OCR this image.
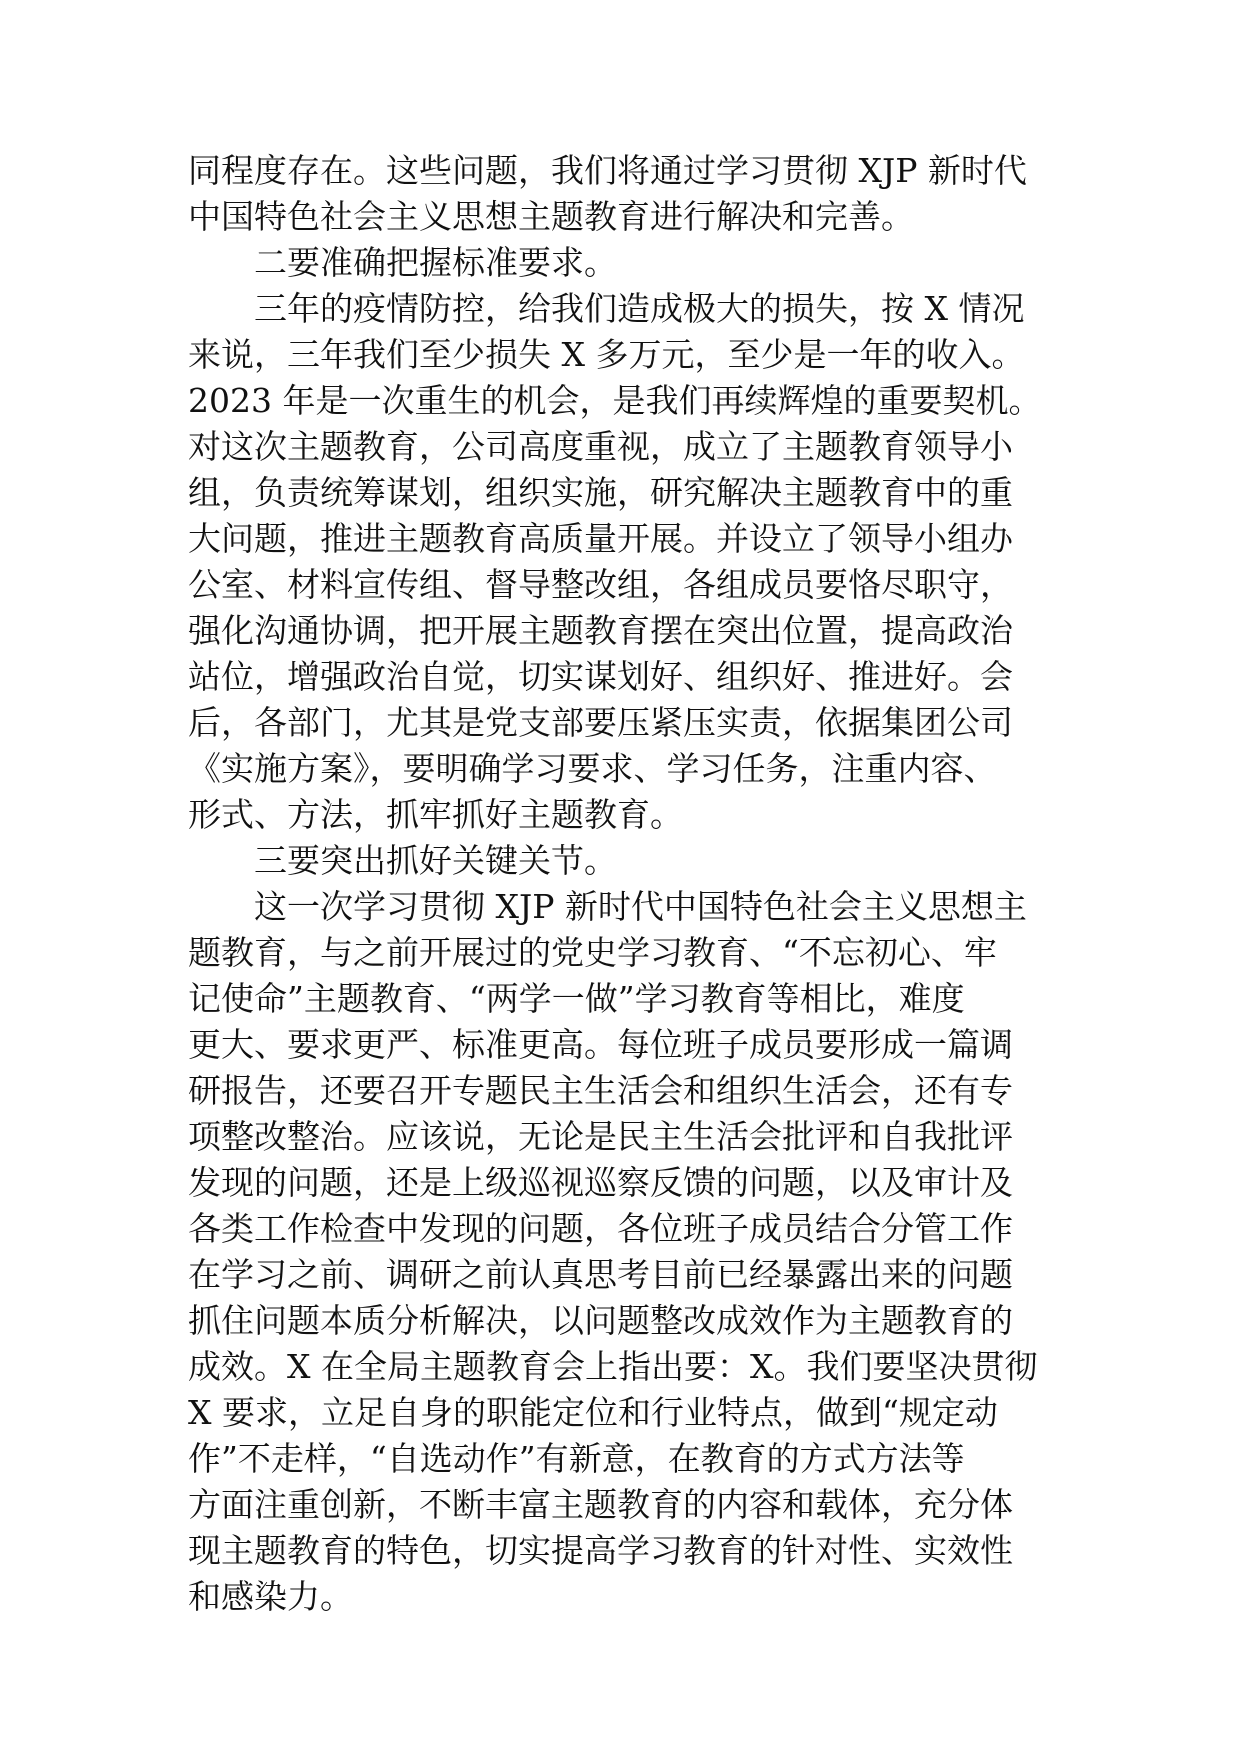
同程度存在。这些问题，我们将通过学习贯彻 XJP 新时代
中国特色社会主义思想主题教育进行解决和完善。
二要准确把握标准要求。
三年的疫情防控，给我们造成极大的损失，按 X 情况
来说，三年我们至少损失 X 多万元，至少是一年的收入。
2023 年是一次重生的机会，是我们再续辉煌的重要契机。
对这次主题教育，公司高度重视，成立了主题教育领导小
组，负责统筹谋划，组织实施，研究解决主题教育中的重
大问题，推进主题教育高质量开展。并设立了领导小组办
公室、材料宣传组、督导整改组，各组成员要恪尽职守，
强化沟通协调，把开展主题教育摆在突出位置，提高政治
站位，增强政治自觉，切实谋划好、组织好、推进好。会
后，各部门，尤其是党支部要压紧压实责，依据集团公司
《实施方案》，要明确学习要求、学习任务，注重内容、
形式、方法，抓牢抓好主题教育。
三要突出抓好关键关节。
这一次学习贯彻 XJP 新时代中国特色社会主义思想主
题教育，与之前开展过的党史学习教育、“不忘初心、牢
记使命”主题教育、“两学一做”学习教育等相比，难度
更大、要求更严、标准更高。每位班子成员要形成一篇调
研报告，还要召开专题民主生活会和组织生活会，还有专
项整改整治。应该说，无论是民主生活会批评和自我批评
发现的问题，还是上级巡视巡察反馈的问题，以及审计及
各类工作检查中发现的问题，各位班子成员结合分管工作
在学习之前、调研之前认真思考目前已经暴露出来的问题
抓住问题本质分析解决，以问题整改成效作为主题教育的
成效。X 在全局主题教育会上指出要：X。我们要坚决贯彻
X 要求，立足自身的职能定位和行业特点，做到“规定动
作”不走样，“自选动作”有新意，在教育的方式方法等
方面注重创新，不断丰富主题教育的内容和载体，充分体
现主题教育的特色，切实提高学习教育的针对性、实效性
和感染力。
